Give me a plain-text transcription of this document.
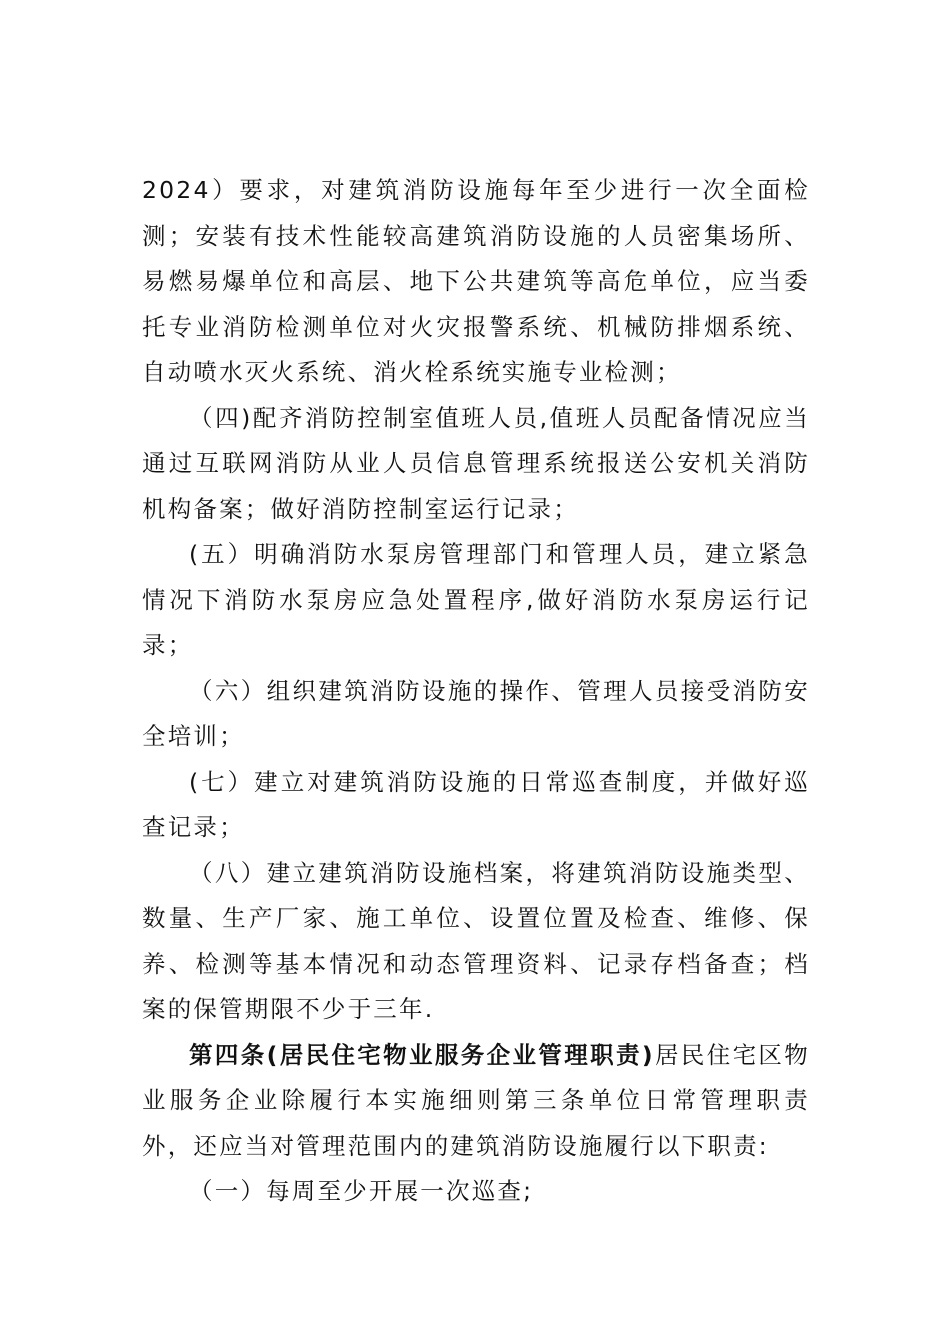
2024）要求，对建筑消防设施每年至少进行一次全面检测；安装有技术性能较高建筑消防设施的人员密集场所、易燃易爆单位和高层、地下公共建筑等高危单位，应当委托专业消防检测单位对火灾报警系统、机械防排烟系统、自动喷水灭火系统、消火栓系统实施专业检测；

（四)配齐消防控制室值班人员,值班人员配备情况应当通过互联网消防从业人员信息管理系统报送公安机关消防机构备案；做好消防控制室运行记录；

(五）明确消防水泵房管理部门和管理人员，建立紧急情况下消防水泵房应急处置程序,做好消防水泵房运行记录；

（六）组织建筑消防设施的操作、管理人员接受消防安全培训；

(七）建立对建筑消防设施的日常巡查制度，并做好巡查记录；

（八）建立建筑消防设施档案，将建筑消防设施类型、数量、生产厂家、施工单位、设置位置及检查、维修、保养、检测等基本情况和动态管理资料、记录存档备查；档案的保管期限不少于三年.

第四条(居民住宅物业服务企业管理职责)居民住宅区物业服务企业除履行本实施细则第三条单位日常管理职责外，还应当对管理范围内的建筑消防设施履行以下职责:

（一）每周至少开展一次巡查;
